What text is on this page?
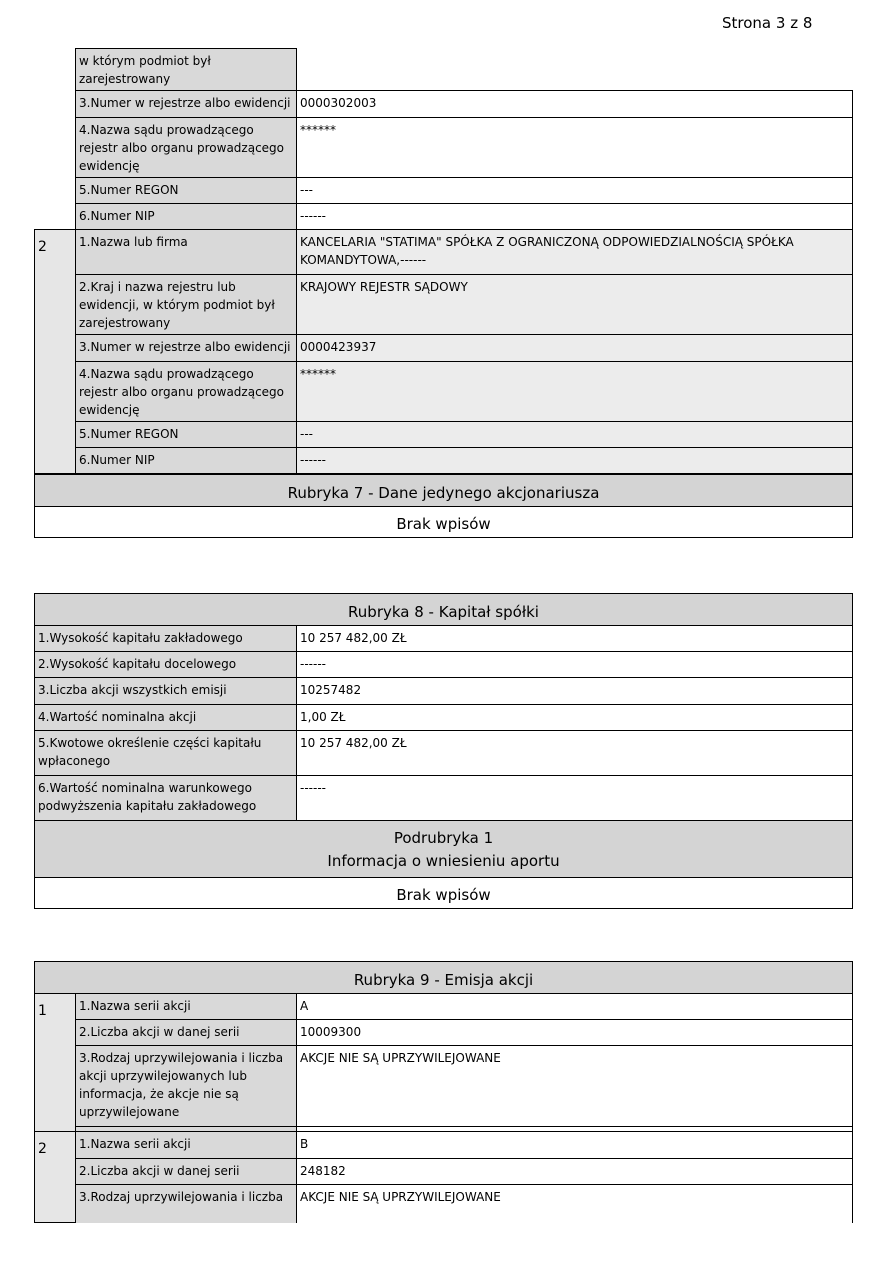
Strona 3 z 8
	w którym podmiot był zarejestrowany	
	3.Numer w rejestrze albo ewidencji	0000302003
	4.Nazwa sądu prowadzącego rejestr albo organu prowadzącego ewidencję	******
	5.Numer REGON	---
	6.Numer NIP	------
2	1.Nazwa lub firma	KANCELARIA "STATIMA" SPÓŁKA Z OGRANICZONĄ ODPOWIEDZIALNOŚCIĄ SPÓŁKA KOMANDYTOWA,------
	2.Kraj i nazwa rejestru lub ewidencji, w którym podmiot był zarejestrowany	KRAJOWY REJESTR SĄDOWY
	3.Numer w rejestrze albo ewidencji	0000423937
	4.Nazwa sądu prowadzącego rejestr albo organu prowadzącego ewidencję	******
	5.Numer REGON	---
	6.Numer NIP	------
Rubryka 7 - Dane jedynego akcjonariusza
Brak wpisów
Rubryka 8 - Kapitał spółki	
1.Wysokość kapitału zakładowego	10 257 482,00 ZŁ
2.Wysokość kapitału docelowego	------
3.Liczba akcji wszystkich emisji	10257482
4.Wartość nominalna akcji	1,00 ZŁ
5.Kwotowe określenie części kapitału wpłaconego	10 257 482,00 ZŁ
6.Wartość nominalna warunkowego podwyższenia kapitału zakładowego	------

Podrubryka 1
Informacja o wniesieniu aportu	

Brak wpisów	
Rubryka 9 - Emisja akcji		
1	1.Nazwa serii akcji	A
	2.Liczba akcji w danej serii	10009300
	3.Rodzaj uprzywilejowania i liczba akcji uprzywilejowanych lub informacja, że akcje nie są uprzywilejowane	AKCJE NIE SĄ UPRZYWILEJOWANE

2	1.Nazwa serii akcji	B
	2.Liczba akcji w danej serii	248182
	3.Rodzaj uprzywilejowania i liczba	AKCJE NIE SĄ UPRZYWILEJOWANE
